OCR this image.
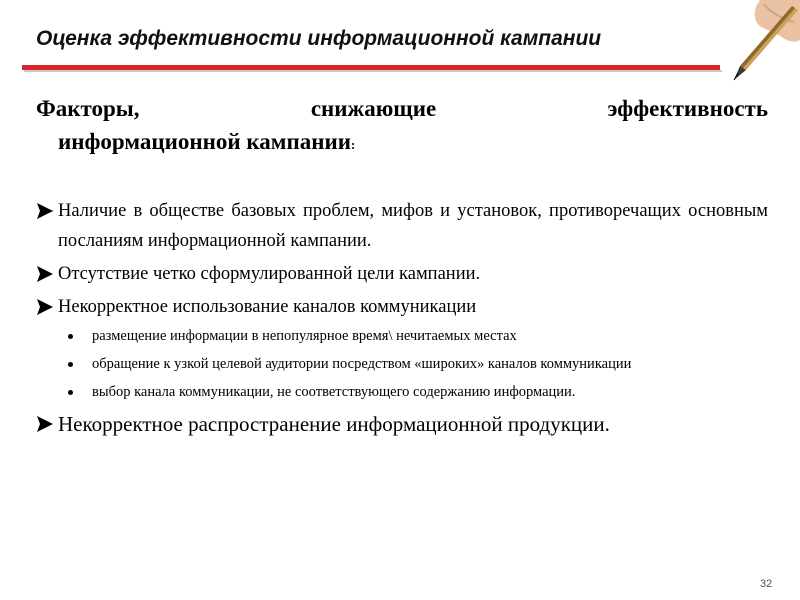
Оценка эффективности информационной кампании
Факторы,	снижающие	эффективность
информационной кампании:
Наличие в обществе базовых проблем, мифов и установок, противоречащих основным посланиям информационной кампании.
Отсутствие четко сформулированной цели кампании.
Некорректное использование каналов коммуникации
размещение информации в непопулярное время\ нечитаемых местах
обращение к узкой целевой аудитории посредством «широких» каналов коммуникации
выбор канала коммуникации, не соответствующего содержанию информации.
Некорректное распространение информационной продукции.
32
